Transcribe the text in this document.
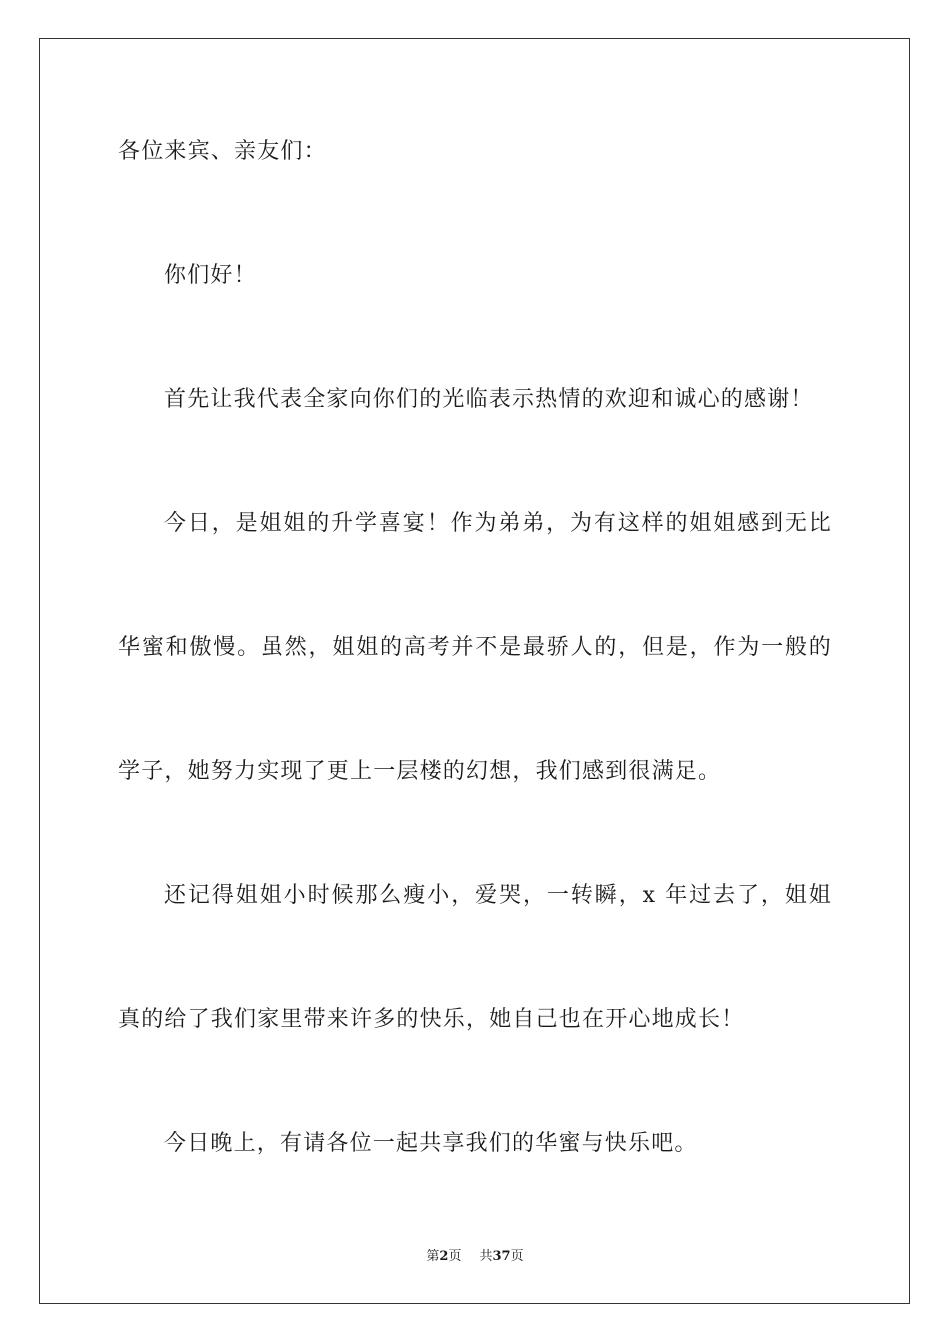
各位来宾、亲友们：
你们好！
首先让我代表全家向你们的光临表示热情的欢迎和诚心的感谢！
今日，是姐姐的升学喜宴！作为弟弟，为有这样的姐姐感到无比
华蜜和傲慢。虽然，姐姐的高考并不是最骄人的，但是，作为一般的
学子，她努力实现了更上一层楼的幻想，我们感到很满足。
还记得姐姐小时候那么瘦小，爱哭，一转瞬，x 年过去了，姐姐
真的给了我们家里带来许多的快乐，她自己也在开心地成长！
今日晚上，有请各位一起共享我们的华蜜与快乐吧。
第2页 共37页
